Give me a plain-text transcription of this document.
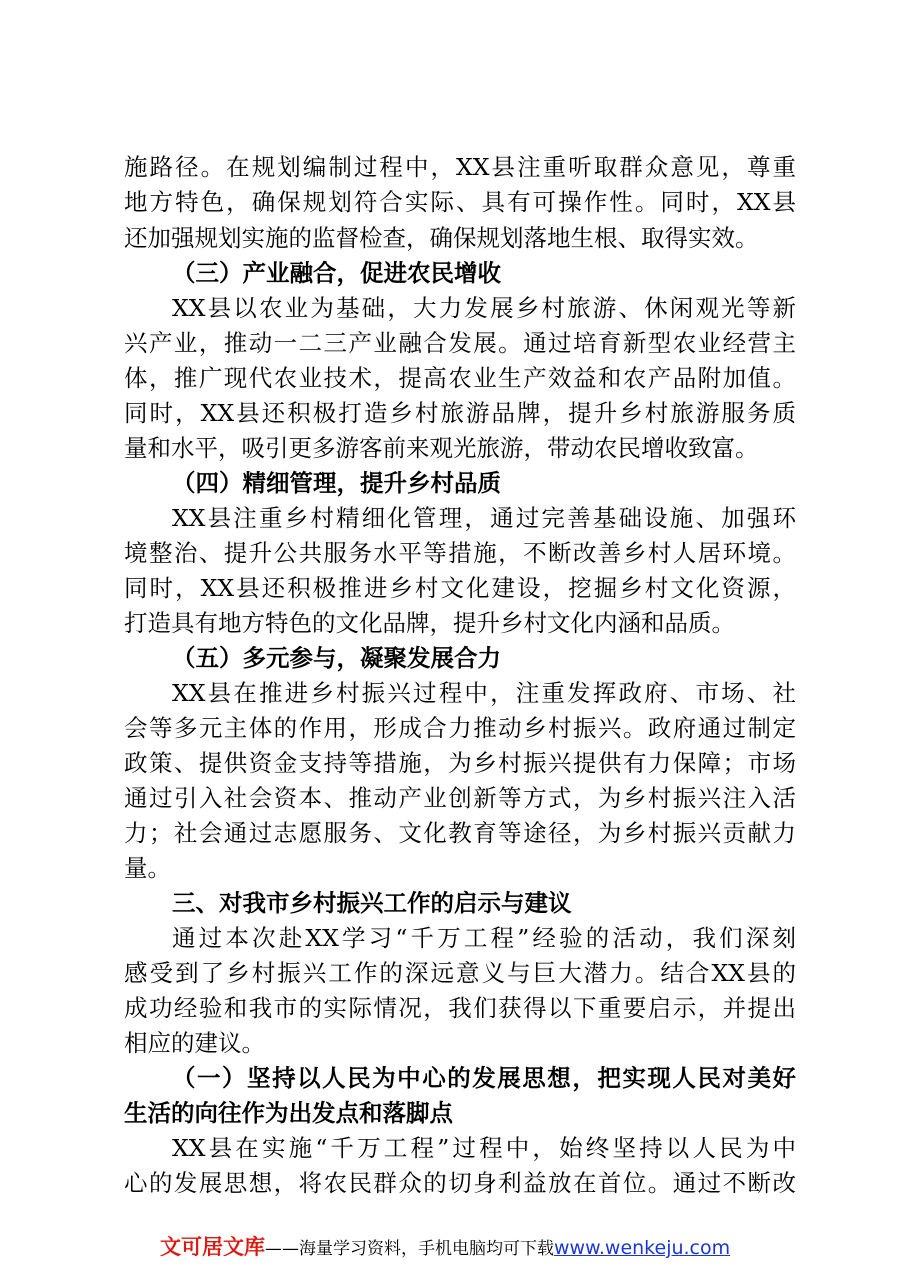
施路径。在规划编制过程中，XX县注重听取群众意见，尊重
地方特色，确保规划符合实际、具有可操作性。同时，XX县
还加强规划实施的监督检查，确保规划落地生根、取得实效。
（三）产业融合，促进农民增收
XX县以农业为基础，大力发展乡村旅游、休闲观光等新
兴产业，推动一二三产业融合发展。通过培育新型农业经营主
体，推广现代农业技术，提高农业生产效益和农产品附加值。
同时，XX县还积极打造乡村旅游品牌，提升乡村旅游服务质
量和水平，吸引更多游客前来观光旅游，带动农民增收致富。
（四）精细管理，提升乡村品质
XX县注重乡村精细化管理，通过完善基础设施、加强环
境整治、提升公共服务水平等措施，不断改善乡村人居环境。
同时，XX县还积极推进乡村文化建设，挖掘乡村文化资源，
打造具有地方特色的文化品牌，提升乡村文化内涵和品质。
（五）多元参与，凝聚发展合力
XX县在推进乡村振兴过程中，注重发挥政府、市场、社
会等多元主体的作用，形成合力推动乡村振兴。政府通过制定
政策、提供资金支持等措施，为乡村振兴提供有力保障；市场
通过引入社会资本、推动产业创新等方式，为乡村振兴注入活
力；社会通过志愿服务、文化教育等途径，为乡村振兴贡献力
量。
三、对我市乡村振兴工作的启示与建议
通过本次赴XX学习“千万工程”经验的活动，我们深刻
感受到了乡村振兴工作的深远意义与巨大潜力。结合XX县的
成功经验和我市的实际情况，我们获得以下重要启示，并提出
相应的建议。
（一）坚持以人民为中心的发展思想，把实现人民对美好
生活的向往作为出发点和落脚点
XX县在实施“千万工程”过程中，始终坚持以人民为中
心的发展思想，将农民群众的切身利益放在首位。通过不断改
文可居文库——海量学习资料，手机电脑均可下载www.wenkeju.com
